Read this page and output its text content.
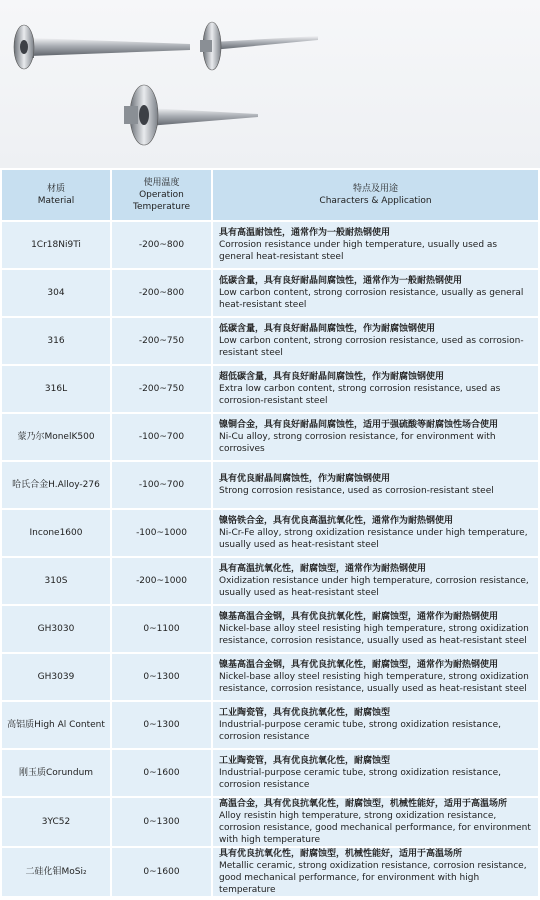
材质
Material	使用温度
Operation
Temperature	特点及用途
Characters & Application

1Cr18Ni9Ti	-200~800	具有高温耐蚀性，通常作为一般耐热钢使用
Corrosion resistance under high temperature, usually used as general heat-resistant steel

304	-200~800	低碳含量，具有良好耐晶间腐蚀性，通常作为一般耐热钢使用
Low carbon content, strong corrosion resistance, usually as general heat-resistant steel

316	-200~750	低碳含量，具有良好耐晶间腐蚀性，作为耐腐蚀钢使用
Low carbon content, strong corrosion resistance, used as corrosion-resistant steel

316L	-200~750	超低碳含量，具有良好耐晶间腐蚀性，作为耐腐蚀钢使用
Extra low carbon content, strong corrosion resistance, used as corrosion-resistant steel

蒙乃尔MonelK500	-100~700	镍铜合金，具有良好耐晶间腐蚀性，适用于强硫酸等耐腐蚀性场合使用
Ni-Cu alloy, strong corrosion resistance, for environment with corrosives

哈氏合金H.Alloy-276	-100~700	具有优良耐晶间腐蚀性，作为耐腐蚀钢使用
Strong corrosion resistance, used as corrosion-resistant steel

Incone1600	-100~1000	镍铬铁合金，具有优良高温抗氧化性，通常作为耐热钢使用
Ni-Cr-Fe alloy, strong oxidization resistance under high temperature, usually used as heat-resistant steel

310S	-200~1000	具有高温抗氧化性，耐腐蚀型，通常作为耐热钢使用
Oxidization resistance under high temperature, corrosion resistance, usually used as heat-resistant steel

GH3030	0~1100	镍基高温合金钢，具有优良抗氧化性，耐腐蚀型，通常作为耐热钢使用
Nickel-base alloy steel resisting high temperature, strong oxidization resistance, corrosion resistance, usually used as heat-resistant steel

GH3039	0~1300	镍基高温合金钢，具有优良抗氧化性，耐腐蚀型，通常作为耐热钢使用
Nickel-base alloy steel resisting high temperature, strong oxidization resistance, corrosion resistance, usually used as heat-resistant steel

高铝质High Al Content	0~1300	工业陶瓷管，具有优良抗氧化性，耐腐蚀型
Industrial-purpose ceramic tube, strong oxidization resistance, corrosion resistance

刚玉质Corundum	0~1600	工业陶瓷管，具有优良抗氧化性，耐腐蚀型
Industrial-purpose ceramic tube, strong oxidization resistance, corrosion resistance

3YC52	0~1300	高温合金，具有优良抗氧化性，耐腐蚀型，机械性能好，适用于高温场所
Alloy resistin high temperature, strong oxidization resistance, corrosion resistance, good mechanical performance, for environment with high temperature

二硅化钼MoSi₂	0~1600	具有优良抗氧化性，耐腐蚀型，机械性能好，适用于高温场所
Metallic ceramic, strong oxidization resistance, corrosion resistance, good mechanical performance, for environment with high temperature
